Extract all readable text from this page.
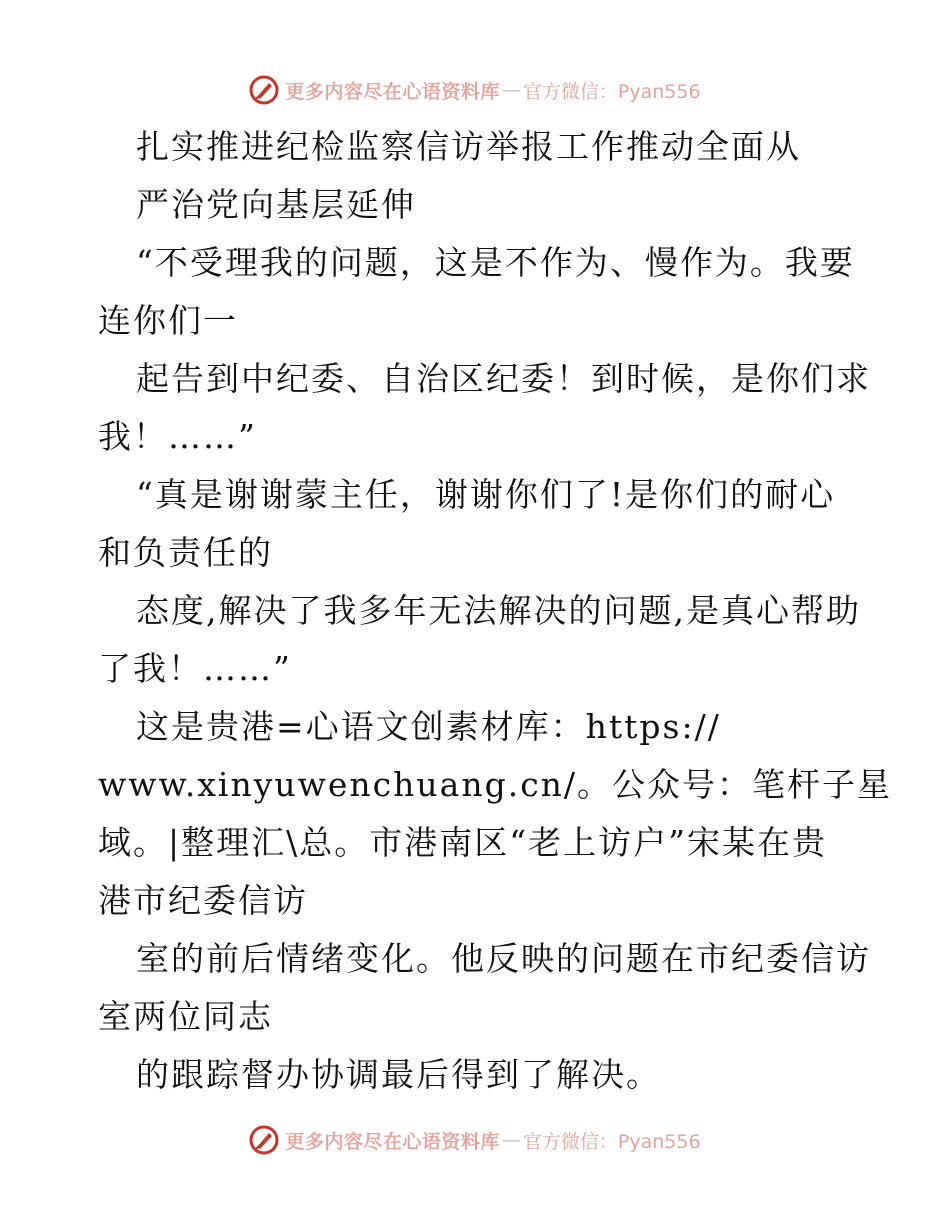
更多内容尽在心语资料库 — 官方微信：Pyan556
扎实推进纪检监察信访举报工作推动全面从
严治党向基层延伸
“不受理我的问题，这是不作为、慢作为。我要
连你们一
起告到中纪委、自治区纪委！到时候，是你们求
我！……”
“真是谢谢蒙主任，谢谢你们了!是你们的耐心
和负责任的
态度,解决了我多年无法解决的问题,是真心帮助
了我！……”
这是贵港=心语文创素材库：https://
www.xinyuwenchuang.cn/。公众号：笔杆子星
域。|整理汇\总。市港南区“老上访户”宋某在贵
港市纪委信访
室的前后情绪变化。他反映的问题在市纪委信访
室两位同志
的跟踪督办协调最后得到了解决。
更多内容尽在心语资料库 — 官方微信：Pyan556
